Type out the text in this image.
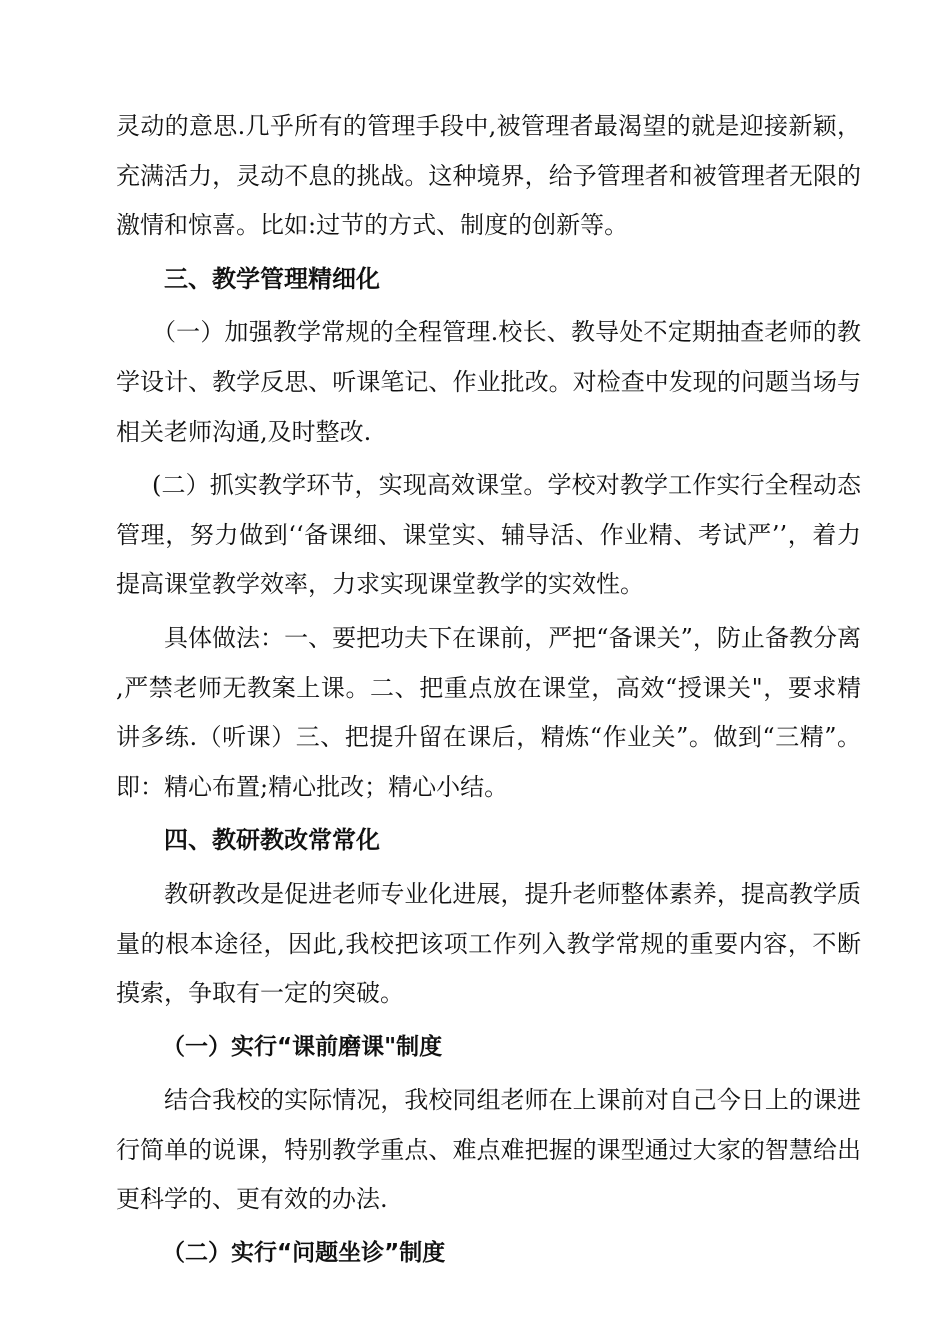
灵动的意思.几乎所有的管理手段中,被管理者最渴望的就是迎接新颖，充满活力，灵动不息的挑战。这种境界，给予管理者和被管理者无限的激情和惊喜。比如:过节的方式、制度的创新等。

三、教学管理精细化

（一）加强教学常规的全程管理.校长、教导处不定期抽查老师的教学设计、教学反思、听课笔记、作业批改。对检查中发现的问题当场与相关老师沟通,及时整改.

(二）抓实教学环节，实现高效课堂。学校对教学工作实行全程动态管理，努力做到‘‘备课细、课堂实、辅导活、作业精、考试严’’，着力提高课堂教学效率，力求实现课堂教学的实效性。

具体做法：一、要把功夫下在课前，严把“备课关”，防止备教分离,严禁老师无教案上课。二、把重点放在课堂，高效“授课关"，要求精讲多练.（听课）三、把提升留在课后，精炼“作业关”。做到“三精”。即：精心布置;精心批改；精心小结。

四、教研教改常常化

教研教改是促进老师专业化进展，提升老师整体素养，提高教学质量的根本途径，因此,我校把该项工作列入教学常规的重要内容，不断摸索，争取有一定的突破。

（一）实行“课前磨课"制度

结合我校的实际情况，我校同组老师在上课前对自己今日上的课进行简单的说课，特别教学重点、难点难把握的课型通过大家的智慧给出更科学的、更有效的办法.

（二）实行“问题坐诊”制度
